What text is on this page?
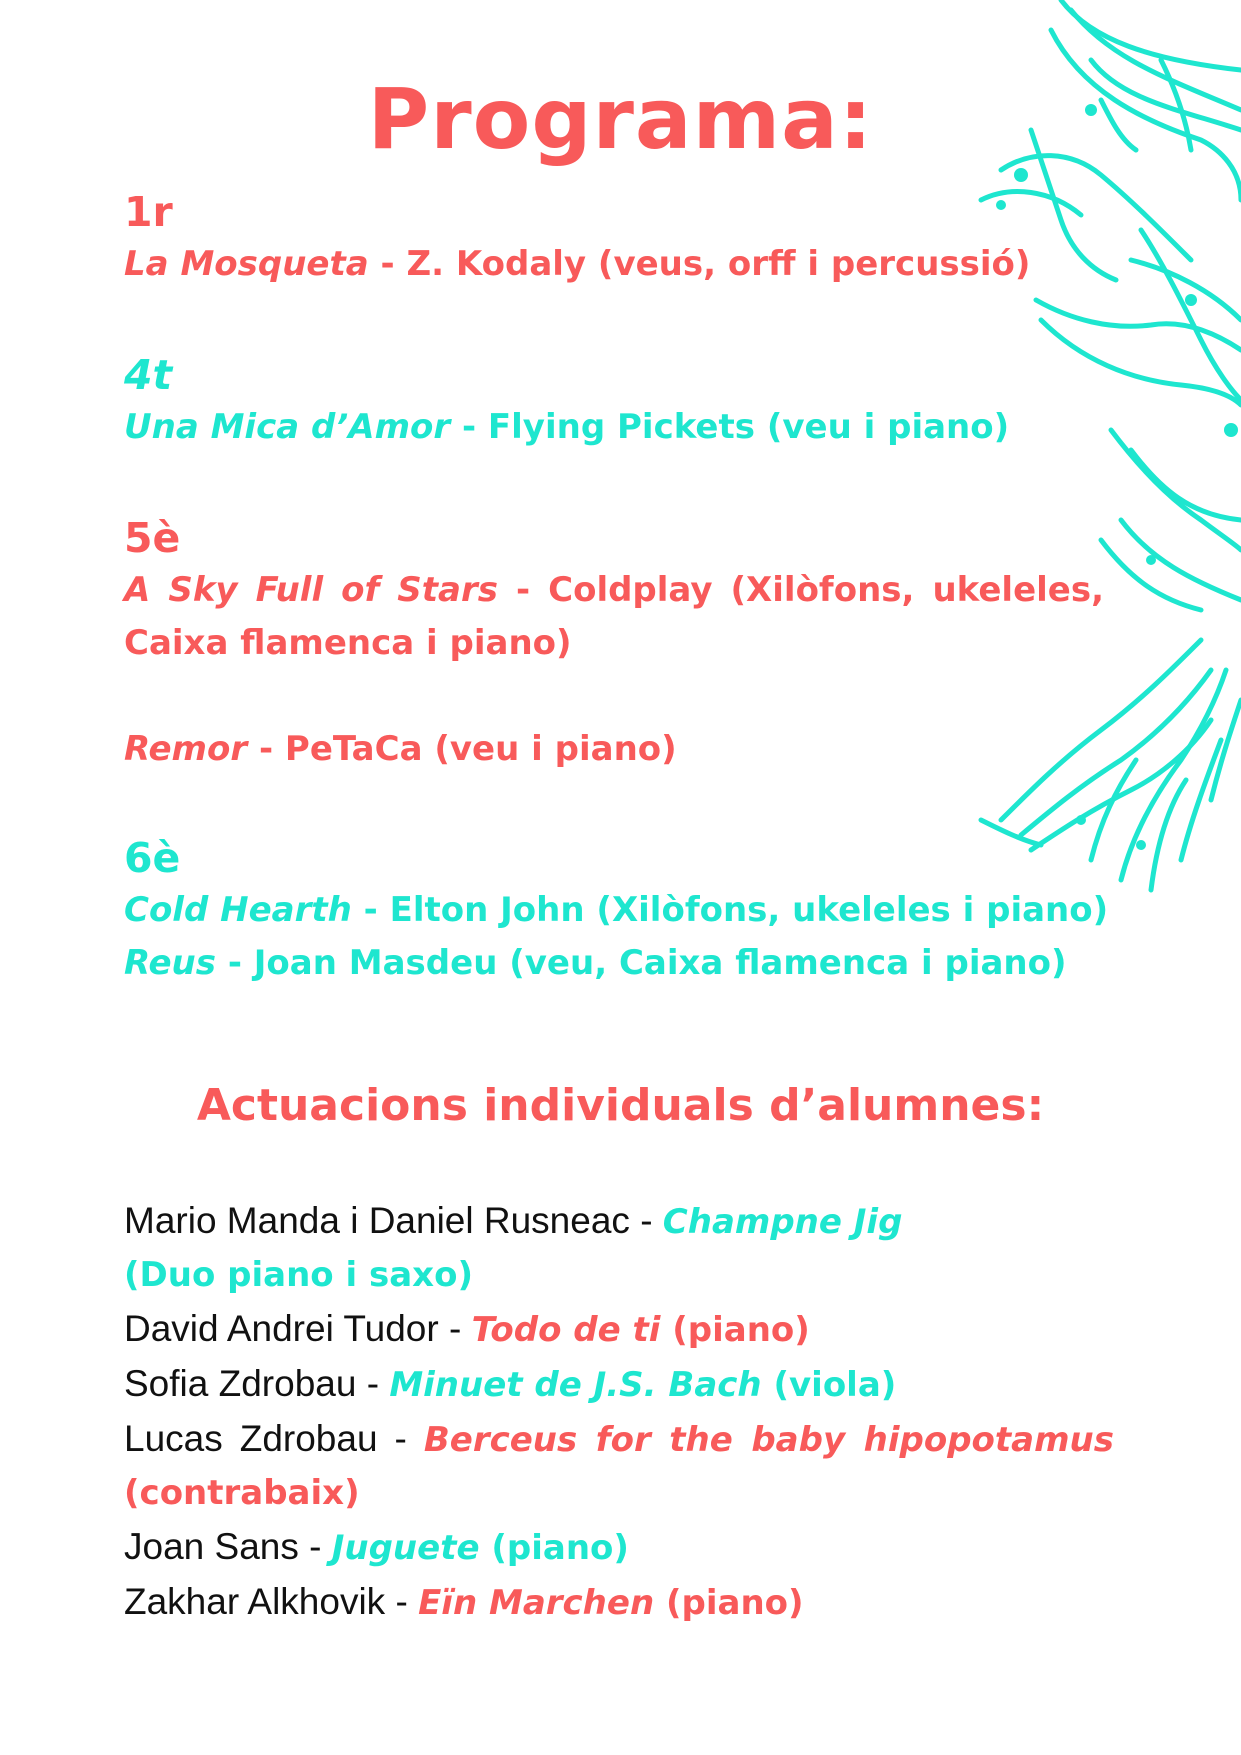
Programa:

1r

La Mosqueta - Z. Kodaly (veus, orff i percussió)

4t

Una Mica d’Amor - Flying Pickets (veu i piano)

5è

A Sky Full of Stars - Coldplay (Xilòfons, ukeleles, Caixa flamenca i piano)

Remor - PeTaCa (veu i piano)

6è

Cold Hearth - Elton John (Xilòfons, ukeleles i piano)

Reus - Joan Masdeu (veu, Caixa flamenca i piano)

Actuacions individuals d’alumnes:

Mario Manda i Daniel Rusneac - Champne Jig
(Duo piano i saxo)

David Andrei Tudor - Todo de ti (piano)

Sofia Zdrobau - Minuet de J.S. Bach (viola)

Lucas Zdrobau - Berceus for the baby hipopotamus (contrabaix)

Joan Sans - Juguete (piano)

Zakhar Alkhovik - Eïn Marchen (piano)
